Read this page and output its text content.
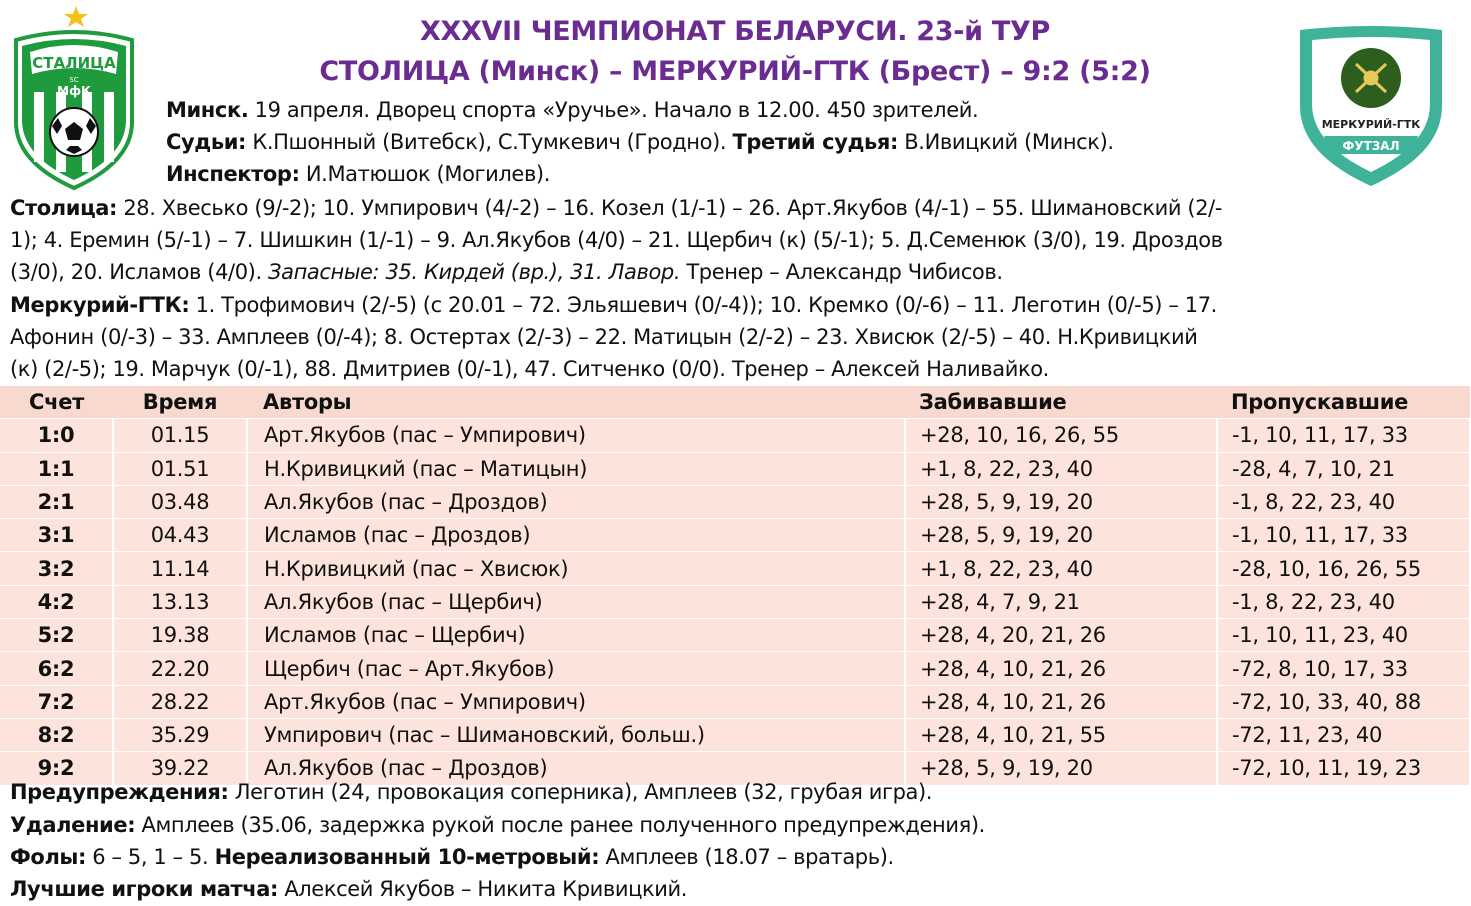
СТАЛИЦА
SC
МфК
МЕРКУРИЙ-ГТК
ФУТЗАЛ
XXXVII ЧЕМПИОНАТ БЕЛАРУСИ. 23-й ТУР
СТОЛИЦА (Минск) – МЕРКУРИЙ-ГТК (Брест) – 9:2 (5:2)
Минск. 19 апреля. Дворец спорта «Уручье». Начало в 12.00. 450 зрителей.
Судьи: К.Пшонный (Витебск), С.Тумкевич (Гродно). Третий судья: В.Ивицкий (Минск).
Инспектор: И.Матюшок (Могилев).
Столица: 28. Хвесько (9/-2); 10. Умпирович (4/-2) – 16. Козел (1/-1) – 26. Арт.Якубов (4/-1) – 55. Шимановский (2/-
1); 4. Еремин (5/-1) – 7. Шишкин (1/-1) – 9. Ал.Якубов (4/0) – 21. Щербич (к) (5/-1); 5. Д.Семенюк (3/0), 19. Дроздов
(3/0), 20. Исламов (4/0). Запасные: 35. Кирдей (вр.), 31. Лавор. Тренер – Александр Чибисов.
Меркурий-ГТК: 1. Трофимович (2/-5) (с 20.01 – 72. Эльяшевич (0/-4)); 10. Кремко (0/-6) – 11. Леготин (0/-5) – 17.
Афонин (0/-3) – 33. Амплеев (0/-4); 8. Остертах (2/-3) – 22. Матицын (2/-2) – 23. Хвисюк (2/-5) – 40. Н.Кривицкий
(к) (2/-5); 19. Марчук (0/-1), 88. Дмитриев (0/-1), 47. Ситченко (0/0). Тренер – Алексей Наливайко.
Счет	Время	Авторы	Забивавшие	Пропускавшие
1:0	01.15	Арт.Якубов (пас – Умпирович)	+28, 10, 16, 26, 55	-1, 10, 11, 17, 33
1:1	01.51	Н.Кривицкий (пас – Матицын)	+1, 8, 22, 23, 40	-28, 4, 7, 10, 21
2:1	03.48	Ал.Якубов (пас – Дроздов)	+28, 5, 9, 19, 20	-1, 8, 22, 23, 40
3:1	04.43	Исламов (пас – Дроздов)	+28, 5, 9, 19, 20	-1, 10, 11, 17, 33
3:2	11.14	Н.Кривицкий (пас – Хвисюк)	+1, 8, 22, 23, 40	-28, 10, 16, 26, 55
4:2	13.13	Ал.Якубов (пас – Щербич)	+28, 4, 7, 9, 21	-1, 8, 22, 23, 40
5:2	19.38	Исламов (пас – Щербич)	+28, 4, 20, 21, 26	-1, 10, 11, 23, 40
6:2	22.20	Щербич (пас – Арт.Якубов)	+28, 4, 10, 21, 26	-72, 8, 10, 17, 33
7:2	28.22	Арт.Якубов (пас – Умпирович)	+28, 4, 10, 21, 26	-72, 10, 33, 40, 88
8:2	35.29	Умпирович (пас – Шимановский, больш.)	+28, 4, 10, 21, 55	-72, 11, 23, 40
9:2	39.22	Ал.Якубов (пас – Дроздов)	+28, 5, 9, 19, 20	-72, 10, 11, 19, 23
Предупреждения: Леготин (24, провокация соперника), Амплеев (32, грубая игра).
Удаление: Амплеев (35.06, задержка рукой после ранее полученного предупреждения).
Фолы: 6 – 5, 1 – 5. Нереализованный 10-метровый: Амплеев (18.07 – вратарь).
Лучшие игроки матча: Алексей Якубов – Никита Кривицкий.
